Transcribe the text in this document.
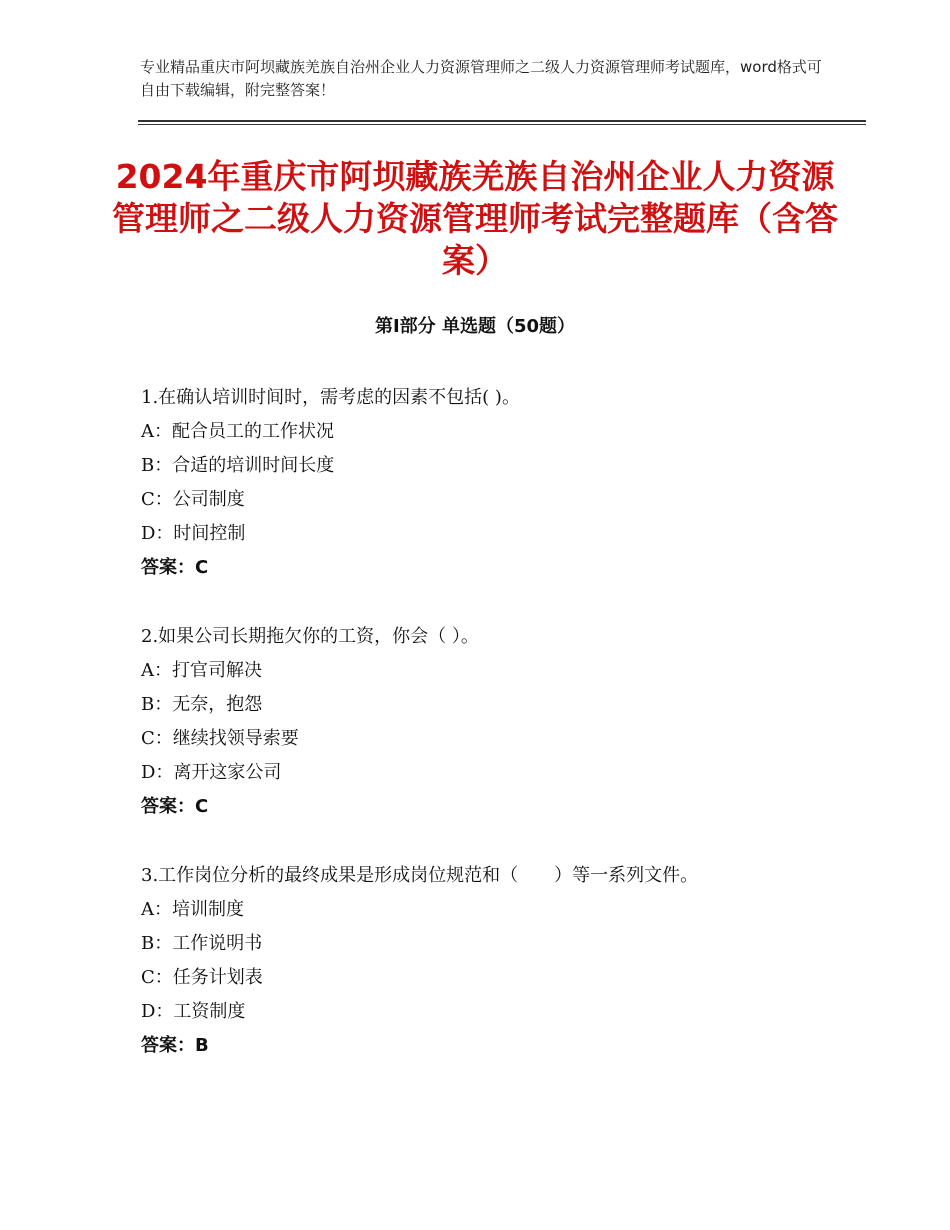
专业精品重庆市阿坝藏族羌族自治州企业人力资源管理师之二级人力资源管理师考试题库，word格式可自由下载编辑，附完整答案！
2024年重庆市阿坝藏族羌族自治州企业人力资源管理师之二级人力资源管理师考试完整题库（含答案）
第Ⅰ部分 单选题（50题）
1.在确认培训时间时，需考虑的因素不包括( )。
A：配合员工的工作状况
B：合适的培训时间长度
C：公司制度
D：时间控制
答案：C
2.如果公司长期拖欠你的工资，你会（ ）。
A：打官司解决
B：无奈，抱怨
C：继续找领导索要
D：离开这家公司
答案：C
3.工作岗位分析的最终成果是形成岗位规范和（　　）等一系列文件。
A：培训制度
B：工作说明书
C：任务计划表
D：工资制度
答案：B
